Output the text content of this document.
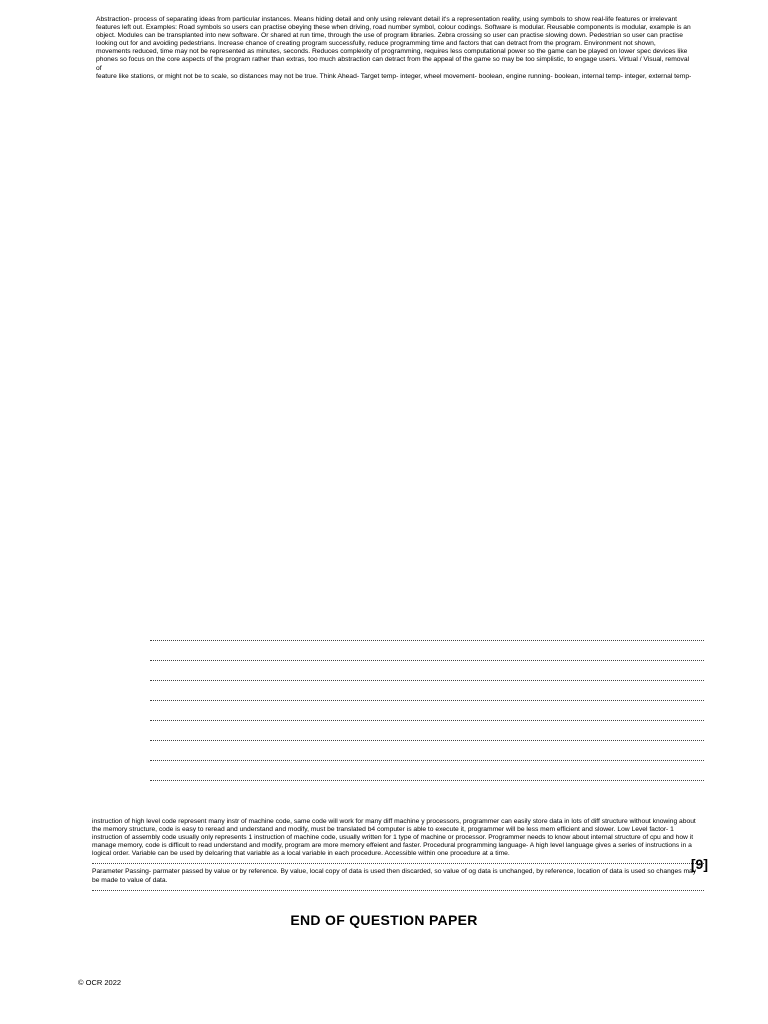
Abstraction- process of separating ideas from particular instances. Means hiding detail and only using relevant detail it's a representation reality, using symbols to show real-life features or irrelevant

features left out. Examples: Road symbols so users can practise obeying these when driving, road number symbol, colour codings. Software is modular. Reusable components is modular, example is an

object. Modules can be transplanted into new software. Or shared at run time, through the use of program libraries. Zebra crossing so user can practise slowing down. Pedestrian so user can practise

looking out for and avoiding pedestrians. Increase chance of creating program successfully, reduce programming time and factors that can detract from the program. Environment not shown,

movements reduced, time may not be represented as minutes, seconds. Reduces complexity of programming, requires less computational power so the game can be played on lower spec devices like

phones so focus on the core aspects of the program rather than extras, too much abstraction can detract from the appeal of the game so may be too simplistic, to engage users. Virtual / Visual, removal of

feature like stations, or might not be to scale, so distances may not be true. Think Ahead- Target temp- integer, wheel movement- boolean, engine running- boolean, internal temp- integer, external temp-

instruction of high level code represent many instr of machine code, same code will work for many diff machine y processors, programmer can easily store data in lots of diff structure without knowing about the memory structure, code is easy to reread and understand and modify, must be translated b4 computer is able to execute it, programmer will be less mem efficient and slower. Low Level factor- 1 instruction of assembly code usually only represents 1 instruction of machine code, usually written for 1 type of machine or processor. Programmer needs to know about internal structure of cpu and how it manage memory, code is difficult to read understand and modify, program are more memory effeient and faster. Procedural programming language- A high level language gives a series of instructions in a logical order. Variable can be used by delcaring that variable as a local variable in each procedure. Accessible within one procedure at a time.

Parameter Passing- parmater passed by value or by reference. By value, local copy of data is used then discarded, so value of og data is unchanged, by reference, location of data is used so changes may be made to value of data.

[9]
END OF QUESTION PAPER
© OCR 2022
